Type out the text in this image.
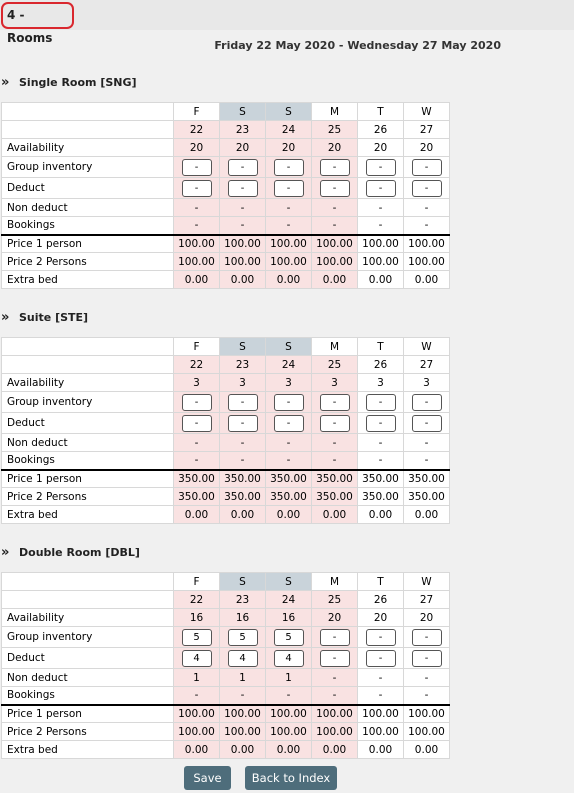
4 - Rooms
Friday 22 May 2020 - Wednesday 27 May 2020
»	Single Room [SNG]
	F	S	S	M	T	W
	22	23	24	25	26	27
Availability	20	20	20	20	20	20
Group inventory	-	-	-	-	-	-
Deduct	-	-	-	-	-	-
Non deduct	-	-	-	-	-	-
Bookings	-	-	-	-	-	-
Price 1 person	100.00	100.00	100.00	100.00	100.00	100.00
Price 2 Persons	100.00	100.00	100.00	100.00	100.00	100.00
Extra bed	0.00	0.00	0.00	0.00	0.00	0.00
»	Suite [STE]
	F	S	S	M	T	W
	22	23	24	25	26	27
Availability	3	3	3	3	3	3
Group inventory	-	-	-	-	-	-
Deduct	-	-	-	-	-	-
Non deduct	-	-	-	-	-	-
Bookings	-	-	-	-	-	-
Price 1 person	350.00	350.00	350.00	350.00	350.00	350.00
Price 2 Persons	350.00	350.00	350.00	350.00	350.00	350.00
Extra bed	0.00	0.00	0.00	0.00	0.00	0.00
»	Double Room [DBL]
	F	S	S	M	T	W
	22	23	24	25	26	27
Availability	16	16	16	20	20	20
Group inventory	5	5	5	-	-	-
Deduct	4	4	4	-	-	-
Non deduct	1	1	1	-	-	-
Bookings	-	-	-	-	-	-
Price 1 person	100.00	100.00	100.00	100.00	100.00	100.00
Price 2 Persons	100.00	100.00	100.00	100.00	100.00	100.00
Extra bed	0.00	0.00	0.00	0.00	0.00	0.00
Save	Back to Index
